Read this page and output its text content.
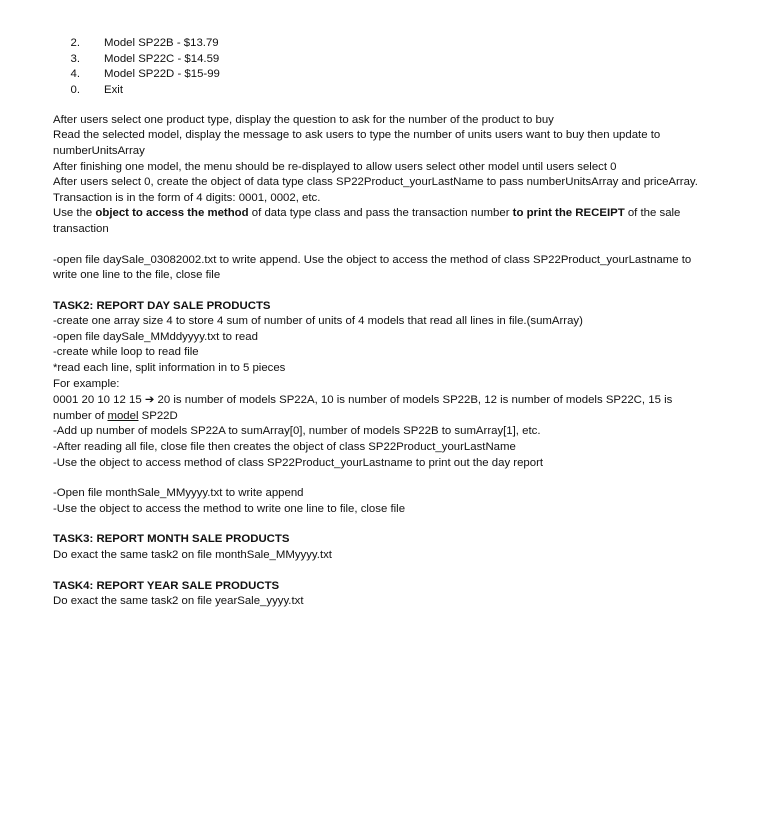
2. Model SP22B - $13.79
3. Model SP22C - $14.59
4. Model SP22D - $15-99
0. Exit

After users select one product type, display the question to ask for the number of the product to buy

Read the selected model, display the message to ask users to type the number of units users want to buy then update to numberUnitsArray

After finishing one model, the menu should be re-displayed to allow users select other model until users select 0

After users select 0, create the object of data type class SP22Product_yourLastName to pass numberUnitsArray and priceArray.

Transaction is in the form of 4 digits: 0001, 0002, etc.

Use the object to access the method of data type class and pass the transaction number to print the RECEIPT of the sale transaction

-open file daySale_03082002.txt to write append. Use the object to access the method of class SP22Product_yourLastname to write one line to the file, close file

TASK2: REPORT DAY SALE PRODUCTS

-create one array size 4 to store 4 sum of number of units of 4 models that read all lines in file.(sumArray)

-open file daySale_MMddyyyy.txt to read

-create while loop to read file

*read each line, split information in to 5 pieces

For example:

0001 20 10 12 15 ➔ 20 is number of models SP22A, 10 is number of models SP22B, 12 is number of models SP22C, 15 is number of model SP22D

-Add up number of models SP22A to sumArray[0], number of models SP22B to sumArray[1], etc.

-After reading all file, close file then creates the object of class SP22Product_yourLastName

-Use the object to access method of class SP22Product_yourLastname to print out the day report

-Open file monthSale_MMyyyy.txt to write append

-Use the object to access the method to write one line to file, close file

TASK3: REPORT MONTH SALE PRODUCTS

Do exact the same task2 on file monthSale_MMyyyy.txt

TASK4: REPORT YEAR SALE PRODUCTS

Do exact the same task2 on file yearSale_yyyy.txt
